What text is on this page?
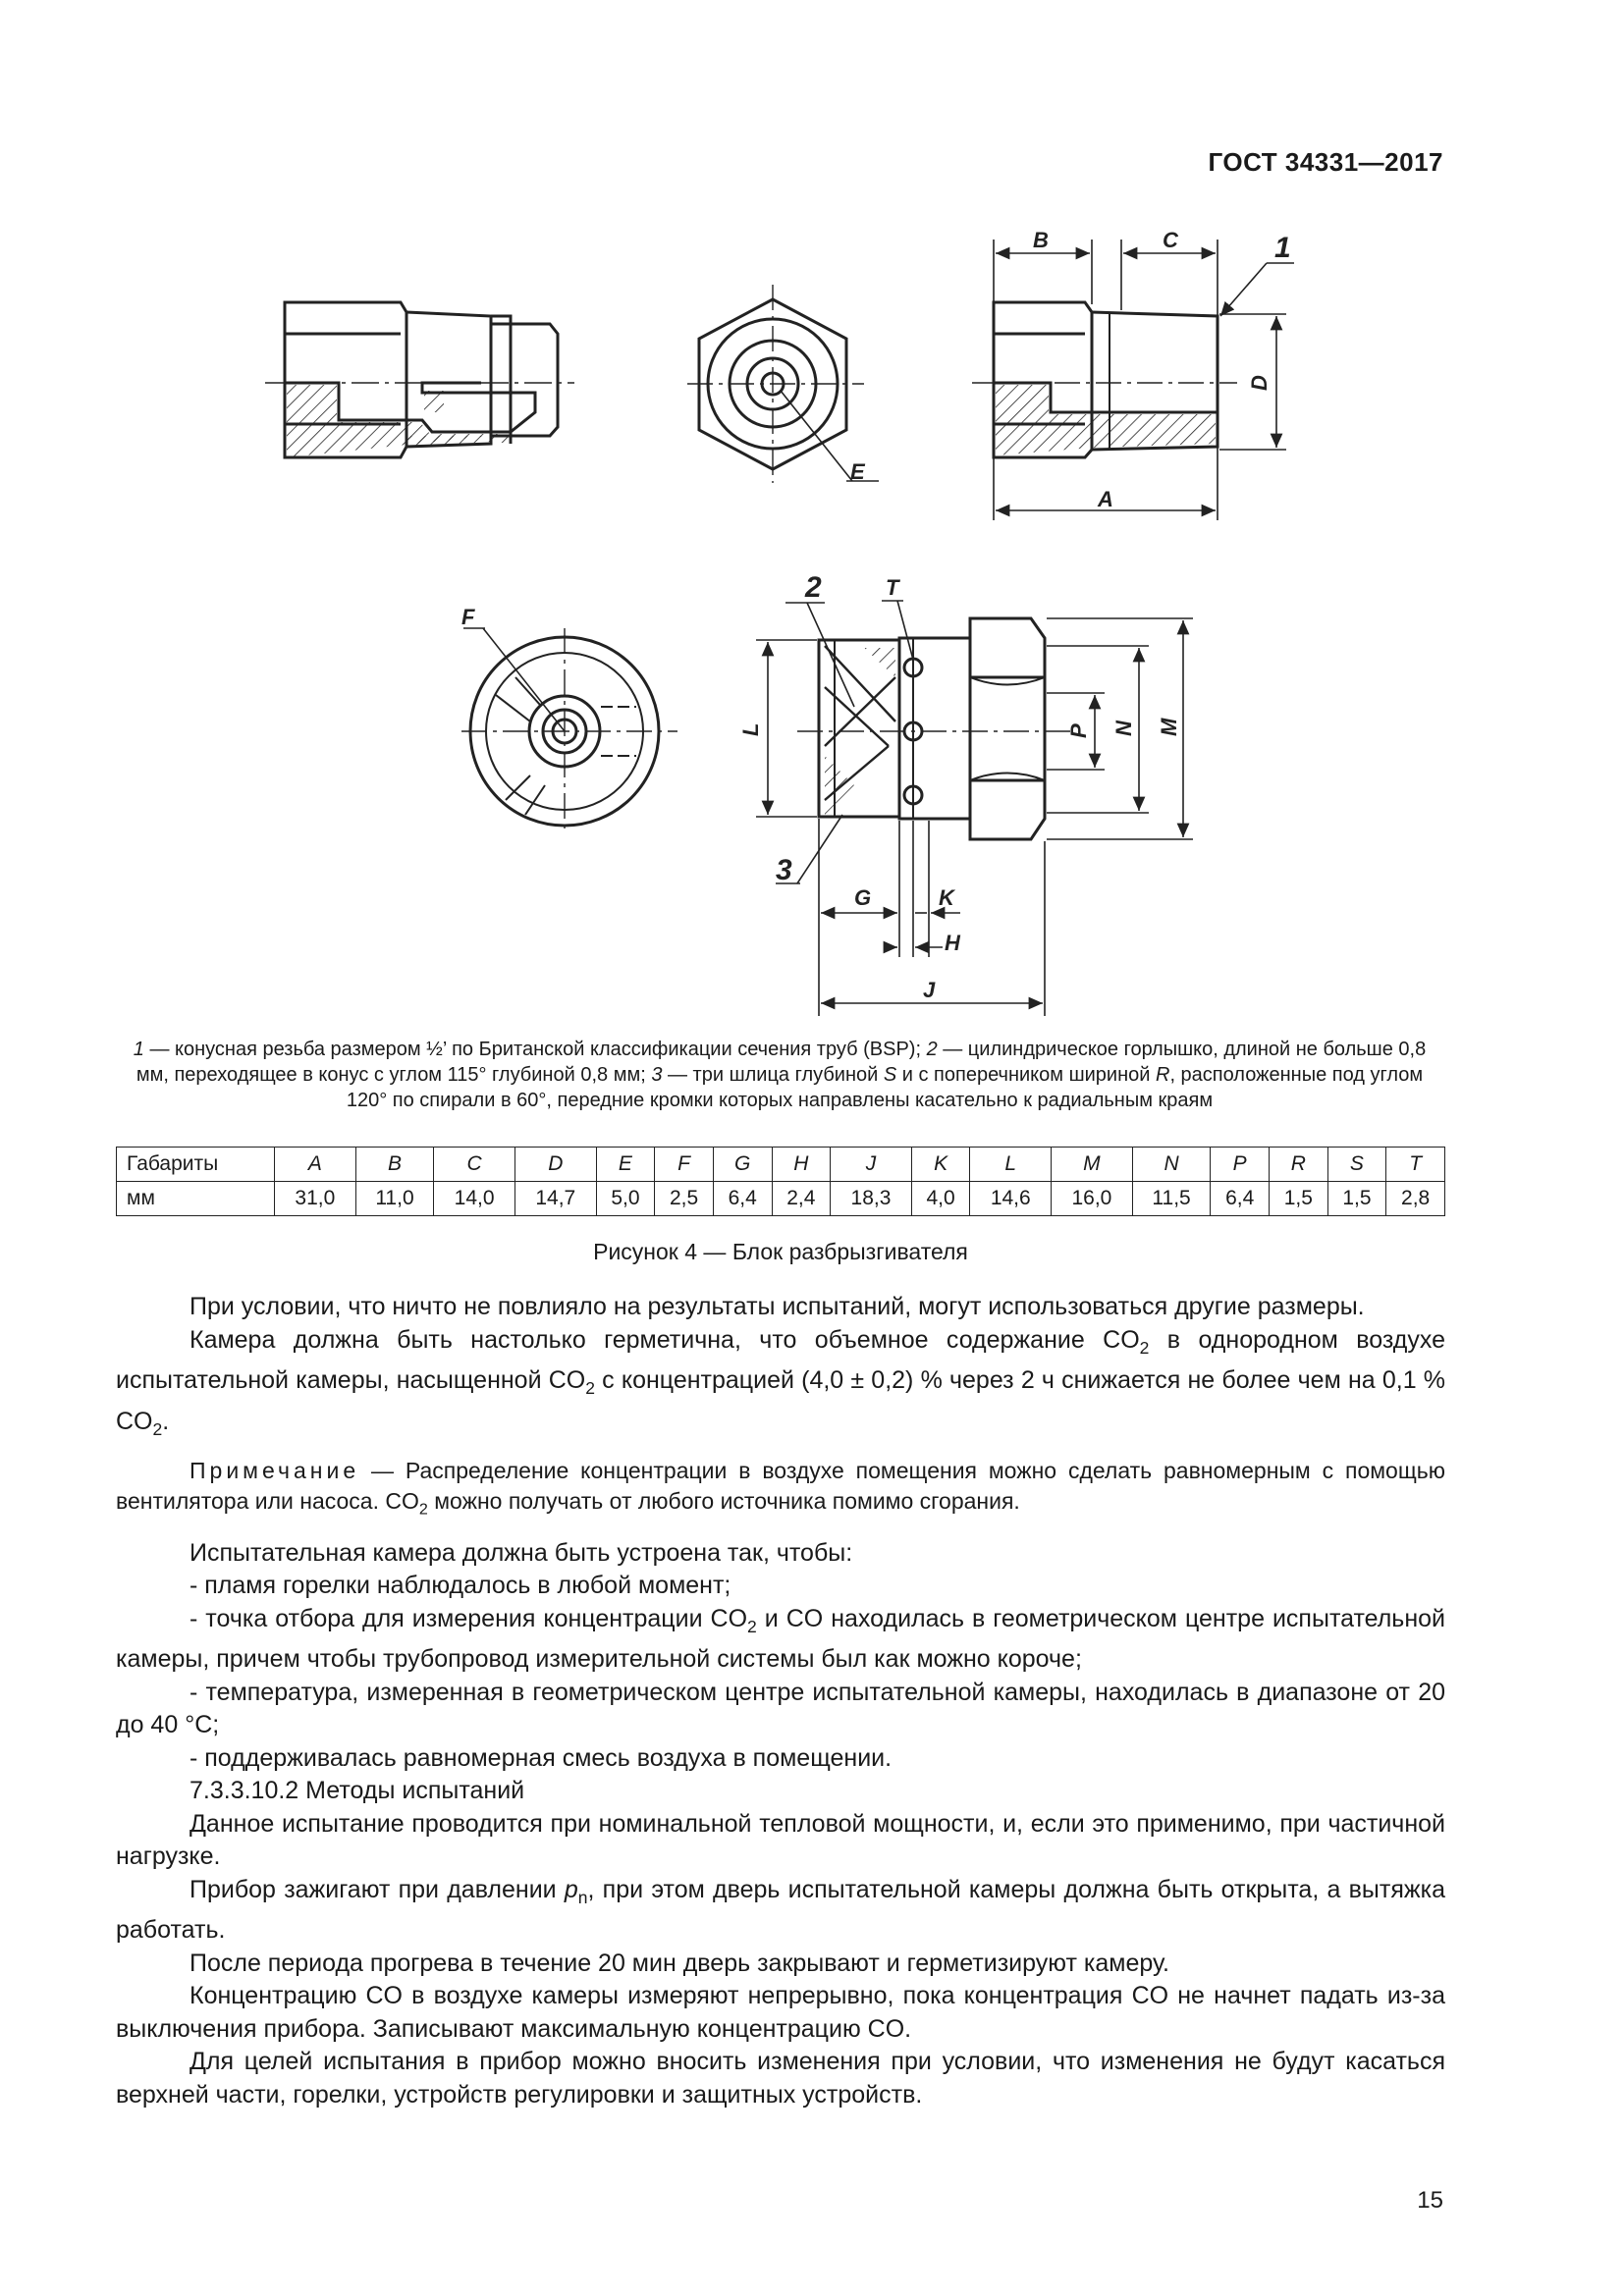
ГОСТ 34331—2017
E
B	C
A
D
1
F
L	M
N
P
G	K
H
J
T
2
3
1 — конусная резьба размером ½’ по Британской классификации сечения труб (BSP); 2 — цилиндрическое горлышко, длиной не больше 0,8 мм, переходящее в конус с углом 115° глубиной 0,8 мм; 3 — три шлица глубиной S и с поперечником шириной R, расположенные под углом 120° по спирали в 60°, передние кромки которых направлены касательно к радиальным краям
Габариты	A	B	C	D	E	F	G	H	J	K	L	M	N	P	R	S	T
мм	31,0	11,0	14,0	14,7	5,0	2,5	6,4	2,4	18,3	4,0	14,6	16,0	11,5	6,4	1,5	1,5	2,8
Рисунок 4 — Блок разбрызгивателя

При условии, что ничто не повлияло на результаты испытаний, могут использоваться другие размеры.

Камера должна быть настолько герметична, что объемное содержание $CO_2$ в однородном воздухе испытательной камеры, насыщенной $CO_2$ с концентрацией (4,0 ± 0,2) % через 2 ч снижается не более чем на 0,1 % $CO_2$.

Примечание — Распределение концентрации в воздухе помещения можно сделать равномерным с помощью вентилятора или насоса. $CO_2$ можно получать от любого источника помимо сгорания.

Испытательная камера должна быть устроена так, чтобы:

- пламя горелки наблюдалось в любой момент;

- точка отбора для измерения концентрации $CO_2$ и CO находилась в геометрическом центре испытательной камеры, причем чтобы трубопровод измерительной системы был как можно короче;

- температура, измеренная в геометрическом центре испытательной камеры, находилась в диапазоне от 20 до 40 °C;

- поддерживалась равномерная смесь воздуха в помещении.

7.3.3.10.2 Методы испытаний

Данное испытание проводится при номинальной тепловой мощности, и, если это применимо, при частичной нагрузке.

Прибор зажигают при давлении $p_n$, при этом дверь испытательной камеры должна быть открыта, а вытяжка работать.

После периода прогрева в течение 20 мин дверь закрывают и герметизируют камеру.

Концентрацию CO в воздухе камеры измеряют непрерывно, пока концентрация CO не начнет падать из-за выключения прибора. Записывают максимальную концентрацию CO.

Для целей испытания в прибор можно вносить изменения при условии, что изменения не будут касаться верхней части, горелки, устройств регулировки и защитных устройств.

15
